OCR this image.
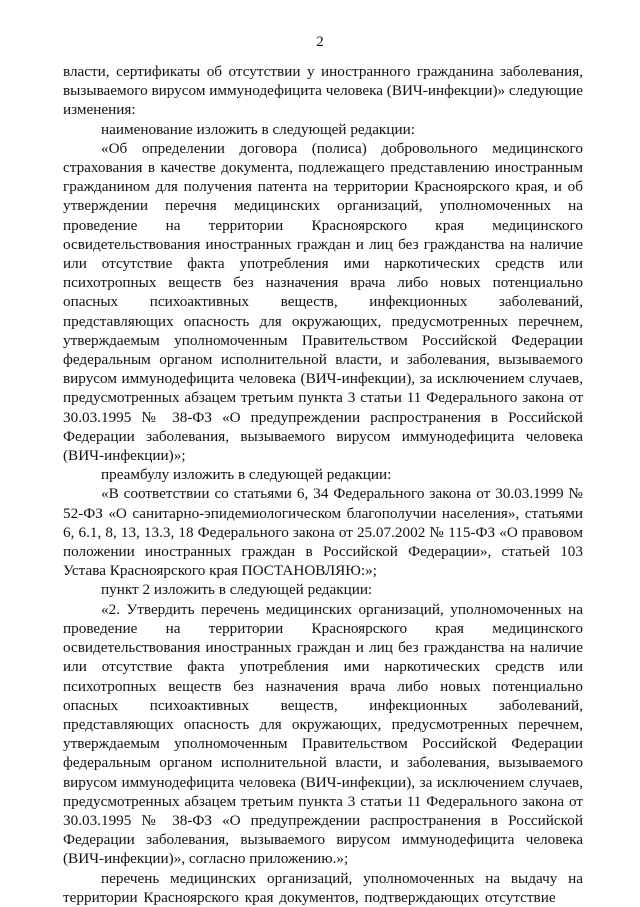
2

власти, сертификаты об отсутствии у иностранного гражданина заболевания, вызываемого вирусом иммунодефицита человека (ВИЧ-инфекции)» следующие изменения:

наименование изложить в следующей редакции:

«Об определении договора (полиса) добровольного медицинского страхования в качестве документа, подлежащего представлению иностранным гражданином для получения патента на территории Красноярского края, и об утверждении перечня медицинских организаций, уполномоченных на проведение на территории Красноярского края медицинского освидетельствования иностранных граждан и лиц без гражданства на наличие или отсутствие факта употребления ими наркотических средств или психотропных веществ без назначения врача либо новых потенциально опасных психоактивных веществ, инфекционных заболеваний, представляющих опасность для окружающих, предусмотренных перечнем, утверждаемым уполномоченным Правительством Российской Федерации федеральным органом исполнительной власти, и заболевания, вызываемого вирусом иммунодефицита человека (ВИЧ-инфекции), за исключением случаев, предусмотренных абзацем третьим пункта 3 статьи 11 Федерального закона от 30.03.1995 № 38-ФЗ «О предупреждении распространения в Российской Федерации заболевания, вызываемого вирусом иммунодефицита человека (ВИЧ-инфекции)»;

преамбулу изложить в следующей редакции:

«В соответствии со статьями 6, 34 Федерального закона от 30.03.1999 № 52-ФЗ «О санитарно-эпидемиологическом благополучии населения», статьями 6, 6.1, 8, 13, 13.3, 18 Федерального закона от 25.07.2002 № 115-ФЗ «О правовом положении иностранных граждан в Российской Федерации», статьей 103 Устава Красноярского края ПОСТАНОВЛЯЮ:»;

пункт 2 изложить в следующей редакции:

«2. Утвердить перечень медицинских организаций, уполномоченных на проведение на территории Красноярского края медицинского освидетельствования иностранных граждан и лиц без гражданства на наличие или отсутствие факта употребления ими наркотических средств или психотропных веществ без назначения врача либо новых потенциально опасных психоактивных веществ, инфекционных заболеваний, представляющих опасность для окружающих, предусмотренных перечнем, утверждаемым уполномоченным Правительством Российской Федерации федеральным органом исполнительной власти, и заболевания, вызываемого вирусом иммунодефицита человека (ВИЧ-инфекции), за исключением случаев, предусмотренных абзацем третьим пункта 3 статьи 11 Федерального закона от 30.03.1995 № 38-ФЗ «О предупреждении распространения в Российской Федерации заболевания, вызываемого вирусом иммунодефицита человека (ВИЧ-инфекции)», согласно приложению.»;

перечень медицинских организаций, уполномоченных на выдачу на территории Красноярского края документов, подтверждающих отсутствие
